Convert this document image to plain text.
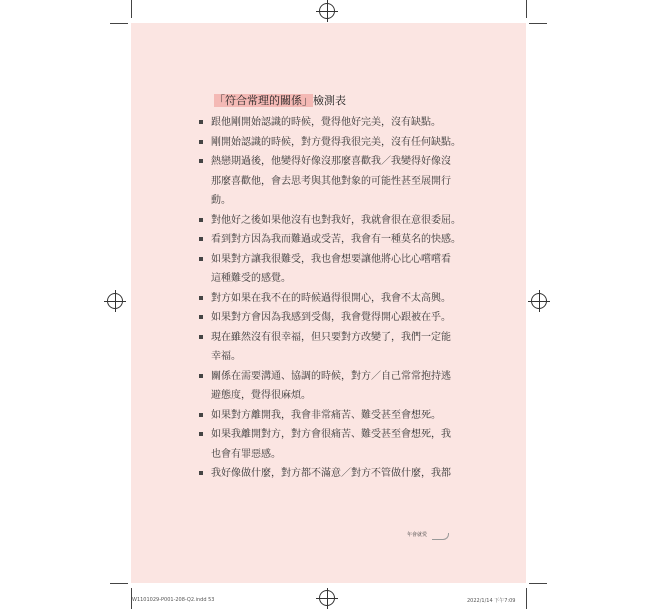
「符合常理的關係」檢測表
跟他剛開始認識的時候，覺得他好完美，沒有缺點。
剛開始認識的時候，對方覺得我很完美，沒有任何缺點。
熱戀期過後，他變得好像沒那麼喜歡我／我變得好像沒
那麼喜歡他，會去思考與其他對象的可能性甚至展開行
動。
對他好之後如果他沒有也對我好，我就會很在意很委屈。
看到對方因為我而難過或受苦，我會有一種莫名的快感。
如果對方讓我很難受，我也會想要讓他將心比心嚐嚐看
這種難受的感覺。
對方如果在我不在的時候過得很開心，我會不太高興。
如果對方會因為我感到受傷，我會覺得開心跟被在乎。
現在雖然沒有很幸福，但只要對方改變了，我們一定能
幸福。
關係在需要溝通、協調的時候，對方／自己常常抱持逃
避態度，覺得很麻煩。
如果對方離開我，我會非常痛苦、難受甚至會想死。
如果我離開對方，對方會很痛苦、難受甚至會想死，我
也會有罪惡感。
我好像做什麼，對方都不滿意／對方不管做什麼，我都
年會就愛
W1101029-P001-208-Q2.indd 53	2022/1/14 下午7:09
